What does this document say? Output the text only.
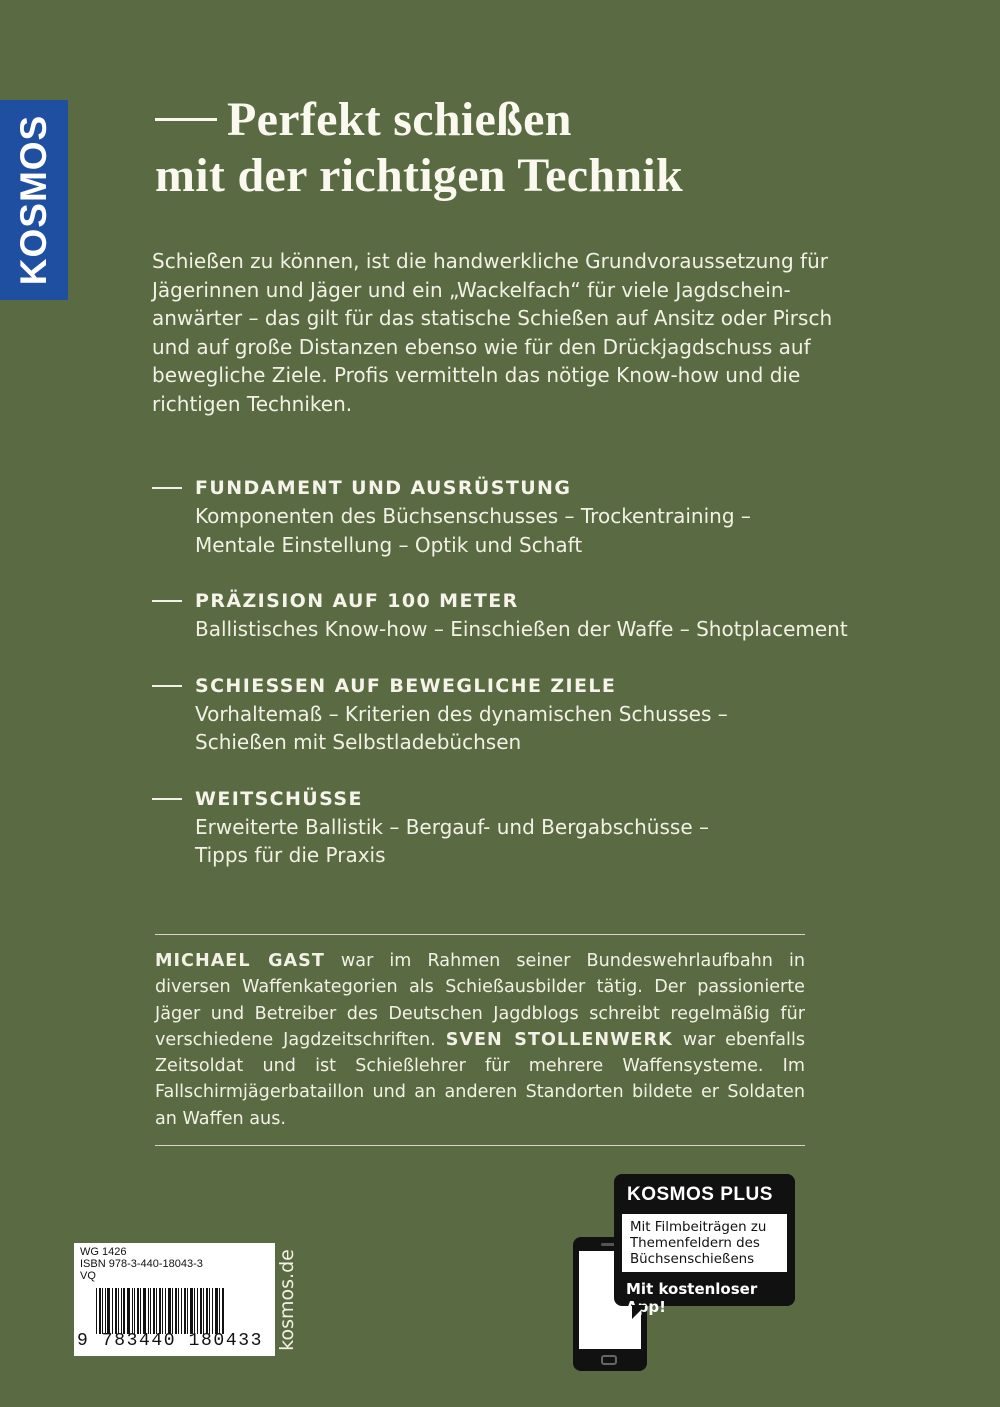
KOSMOS	Perfekt schießen
mit der richtigen Technik

Schießen zu können, ist die handwerkliche Grundvoraussetzung für Jägerinnen und Jäger und ein „Wackelfach“ für viele Jagdscheinanwärter – das gilt für das statische Schießen auf Ansitz oder Pirsch und auf große Distanzen ebenso wie für den Drückjagdschuss auf bewegliche Ziele. Profis vermitteln das nötige Know-how und die richtigen Techniken.

FUNDAMENT UND AUSRÜSTUNG
Komponenten des Büchsenschusses – Trockentraining – Mentale Einstellung – Optik und Schaft
PRÄZISION AUF 100 METER
Ballistisches Know-how – Einschießen der Waffe – Shotplacement
SCHIESSEN AUF BEWEGLICHE ZIELE
Vorhaltemaß – Kriterien des dynamischen Schusses – Schießen mit Selbstladebüchsen
WEITSCHÜSSE
Erweiterte Ballistik – Bergauf- und Bergabschüsse – Tipps für die Praxis

MICHAEL GAST war im Rahmen seiner Bundeswehrlaufbahn in diversen Waffenkategorien als Schießausbilder tätig. Der passionierte Jäger und Betreiber des Deutschen Jagdblogs schreibt regelmäßig für verschiedene Jagdzeitschriften. SVEN STOLLENWERK war ebenfalls Zeitsoldat und ist Schießlehrer für mehrere Waffensysteme. Im Fallschirmjägerbataillon und an anderen Standorten bildete er Soldaten an Waffen aus.

WG 1426
ISBN 978-3-440-18043-3
VQ
9 783440 180433 kosmos.de
KOSMOS PLUS
Mit Filmbeiträgen zu Themenfeldern des Büchsenschießens
Mit kostenloser App!
